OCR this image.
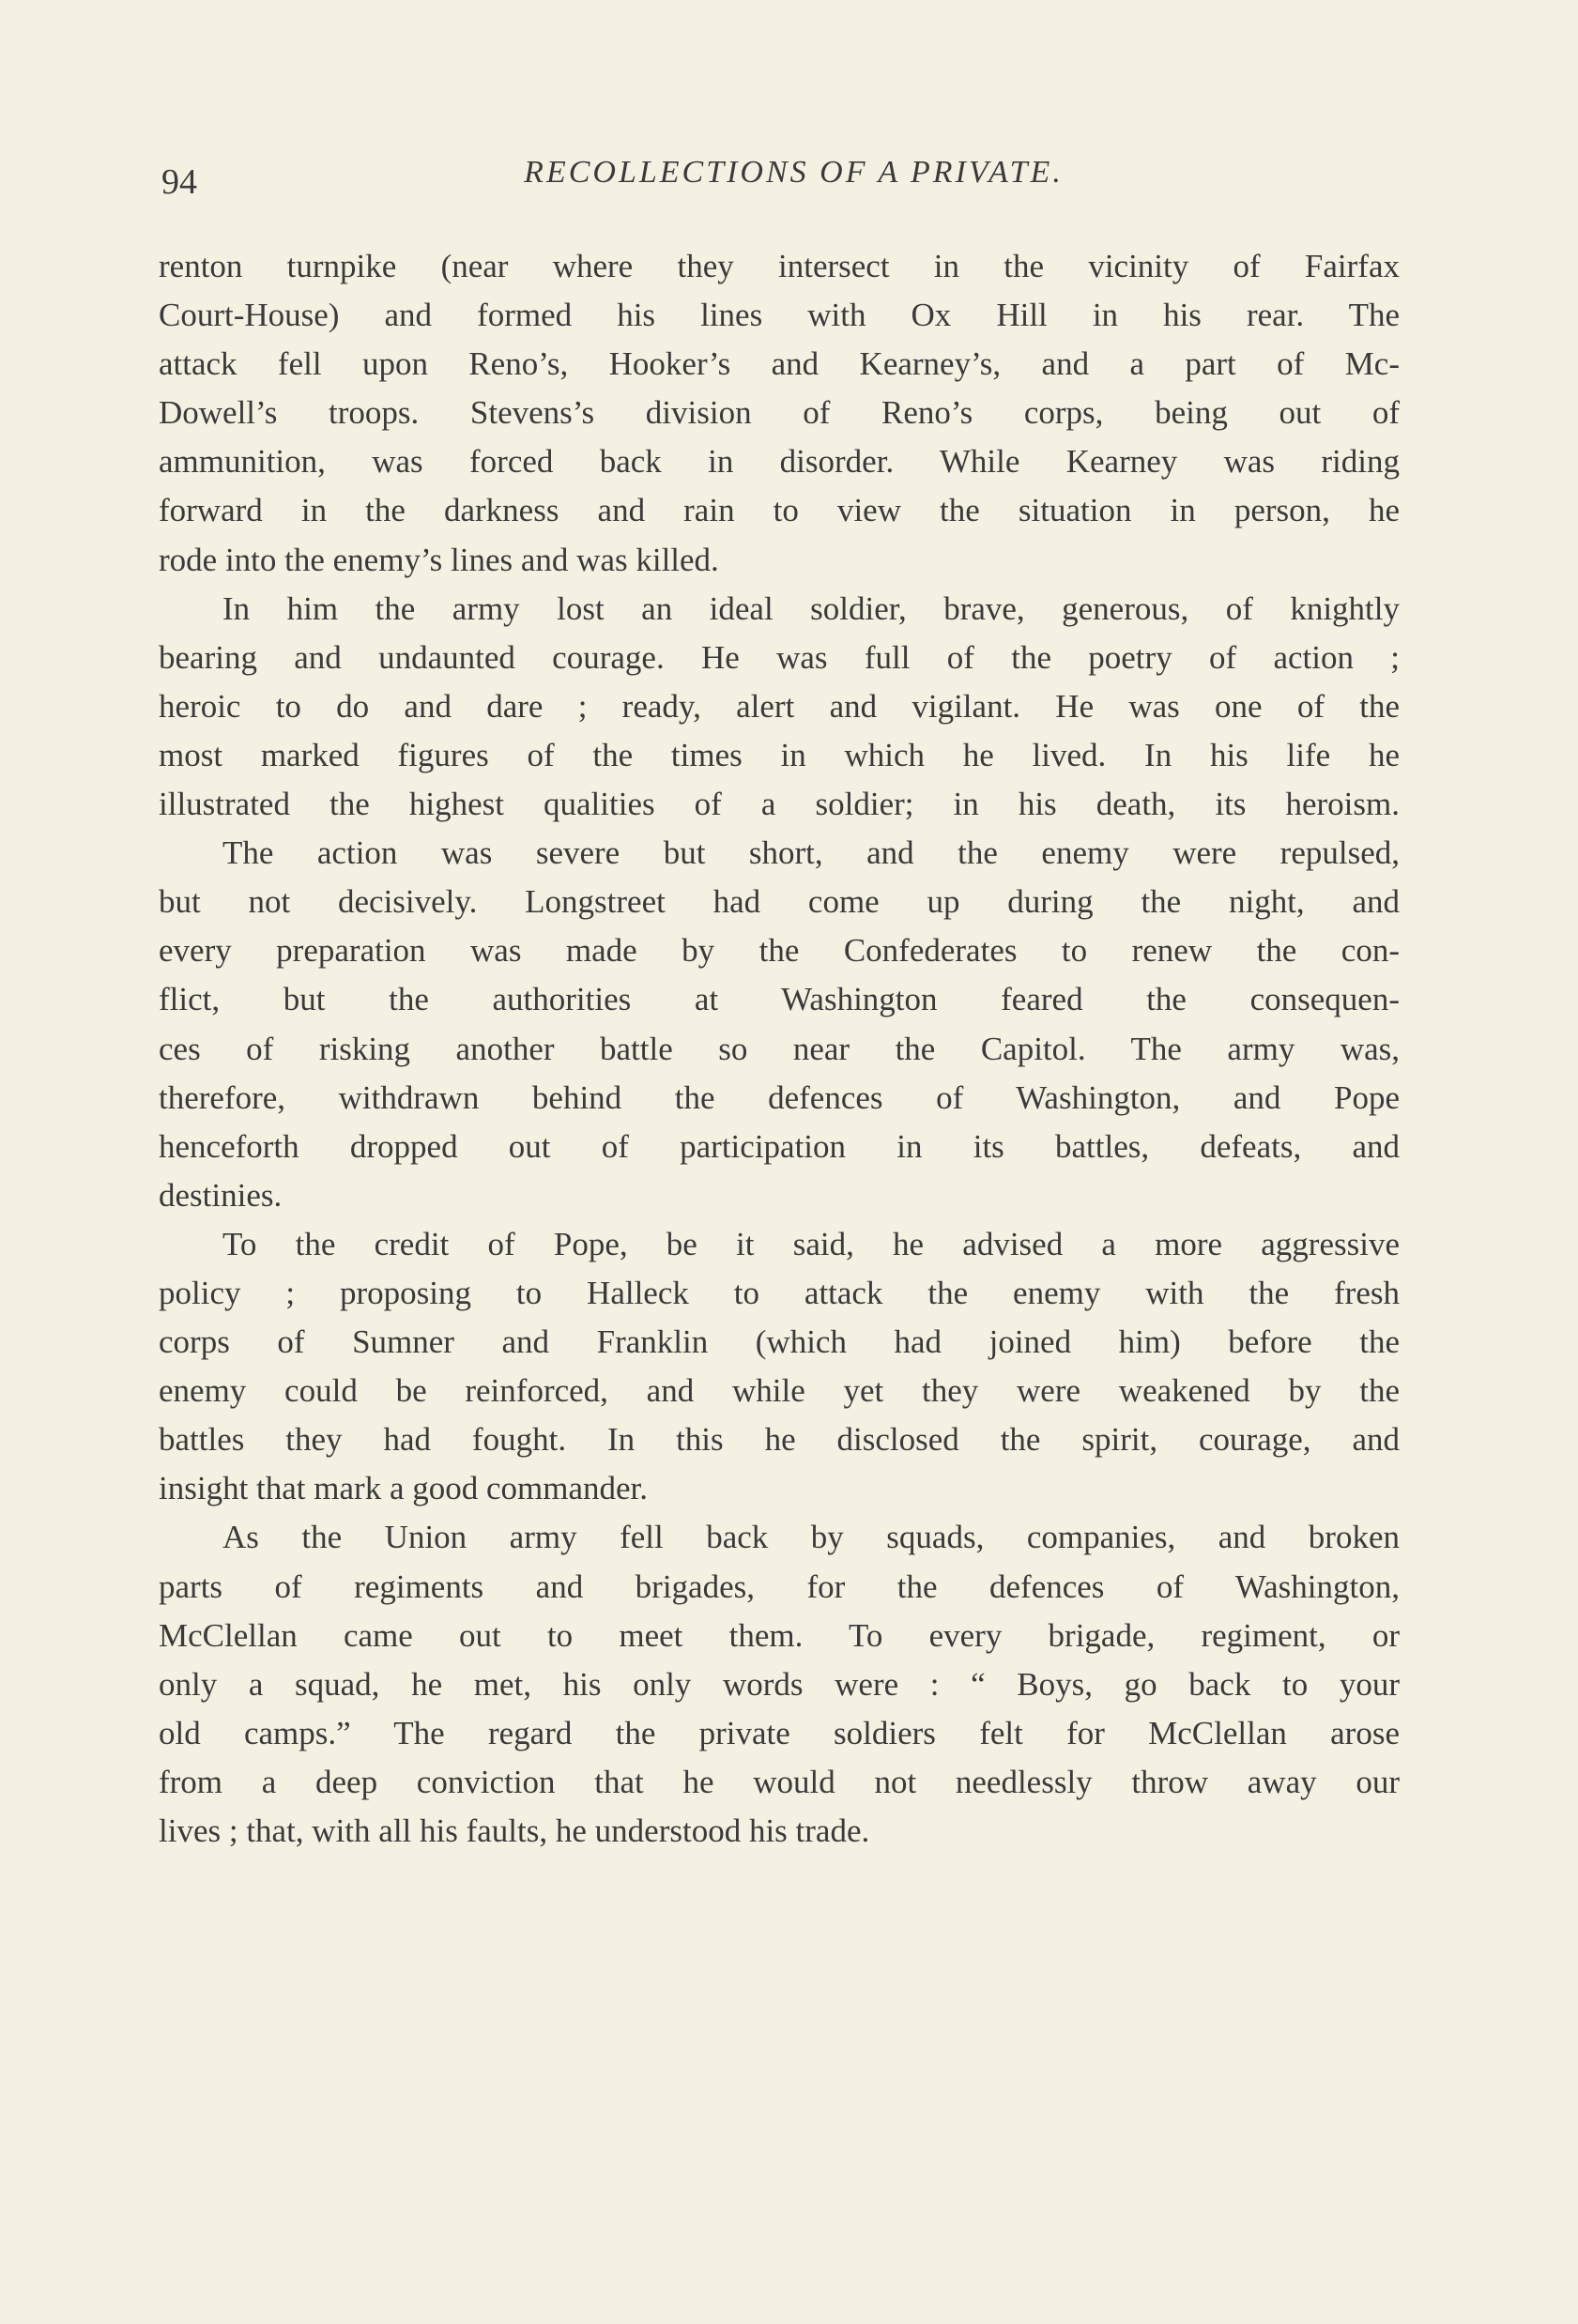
94	RECOLLECTIONS OF A PRIVATE.
renton turnpike (near where they intersect in the vicinity of Fairfax
Court-House) and formed his lines with Ox Hill in his rear. The
attack fell upon Reno’s, Hooker’s and Kearney’s, and a part of Mc-
Dowell’s troops. Stevens’s division of Reno’s corps, being out of
ammunition, was forced back in disorder. While Kearney was riding
forward in the darkness and rain to view the situation in person, he
rode into the enemy’s lines and was killed.
In him the army lost an ideal soldier, brave, generous, of knightly
bearing and undaunted courage. He was full of the poetry of action ;
heroic to do and dare ; ready, alert and vigilant. He was one of the
most marked figures of the times in which he lived. In his life he
illustrated the highest qualities of a soldier; in his death, its heroism.
The action was severe but short, and the enemy were repulsed,
but not decisively. Longstreet had come up during the night, and
every preparation was made by the Confederates to renew the con-
flict, but the authorities at Washington feared the consequen-
ces of risking another battle so near the Capitol. The army was,
therefore, withdrawn behind the defences of Washington, and Pope
henceforth dropped out of participation in its battles, defeats, and
destinies.
To the credit of Pope, be it said, he advised a more aggressive
policy ; proposing to Halleck to attack the enemy with the fresh
corps of Sumner and Franklin (which had joined him) before the
enemy could be reinforced, and while yet they were weakened by the
battles they had fought. In this he disclosed the spirit, courage, and
insight that mark a good commander.
As the Union army fell back by squads, companies, and broken
parts of regiments and brigades, for the defences of Washington,
McClellan came out to meet them. To every brigade, regiment, or
only a squad, he met, his only words were : “ Boys, go back to your
old camps.” The regard the private soldiers felt for McClellan arose
from a deep conviction that he would not needlessly throw away our
lives ; that, with all his faults, he understood his trade.
